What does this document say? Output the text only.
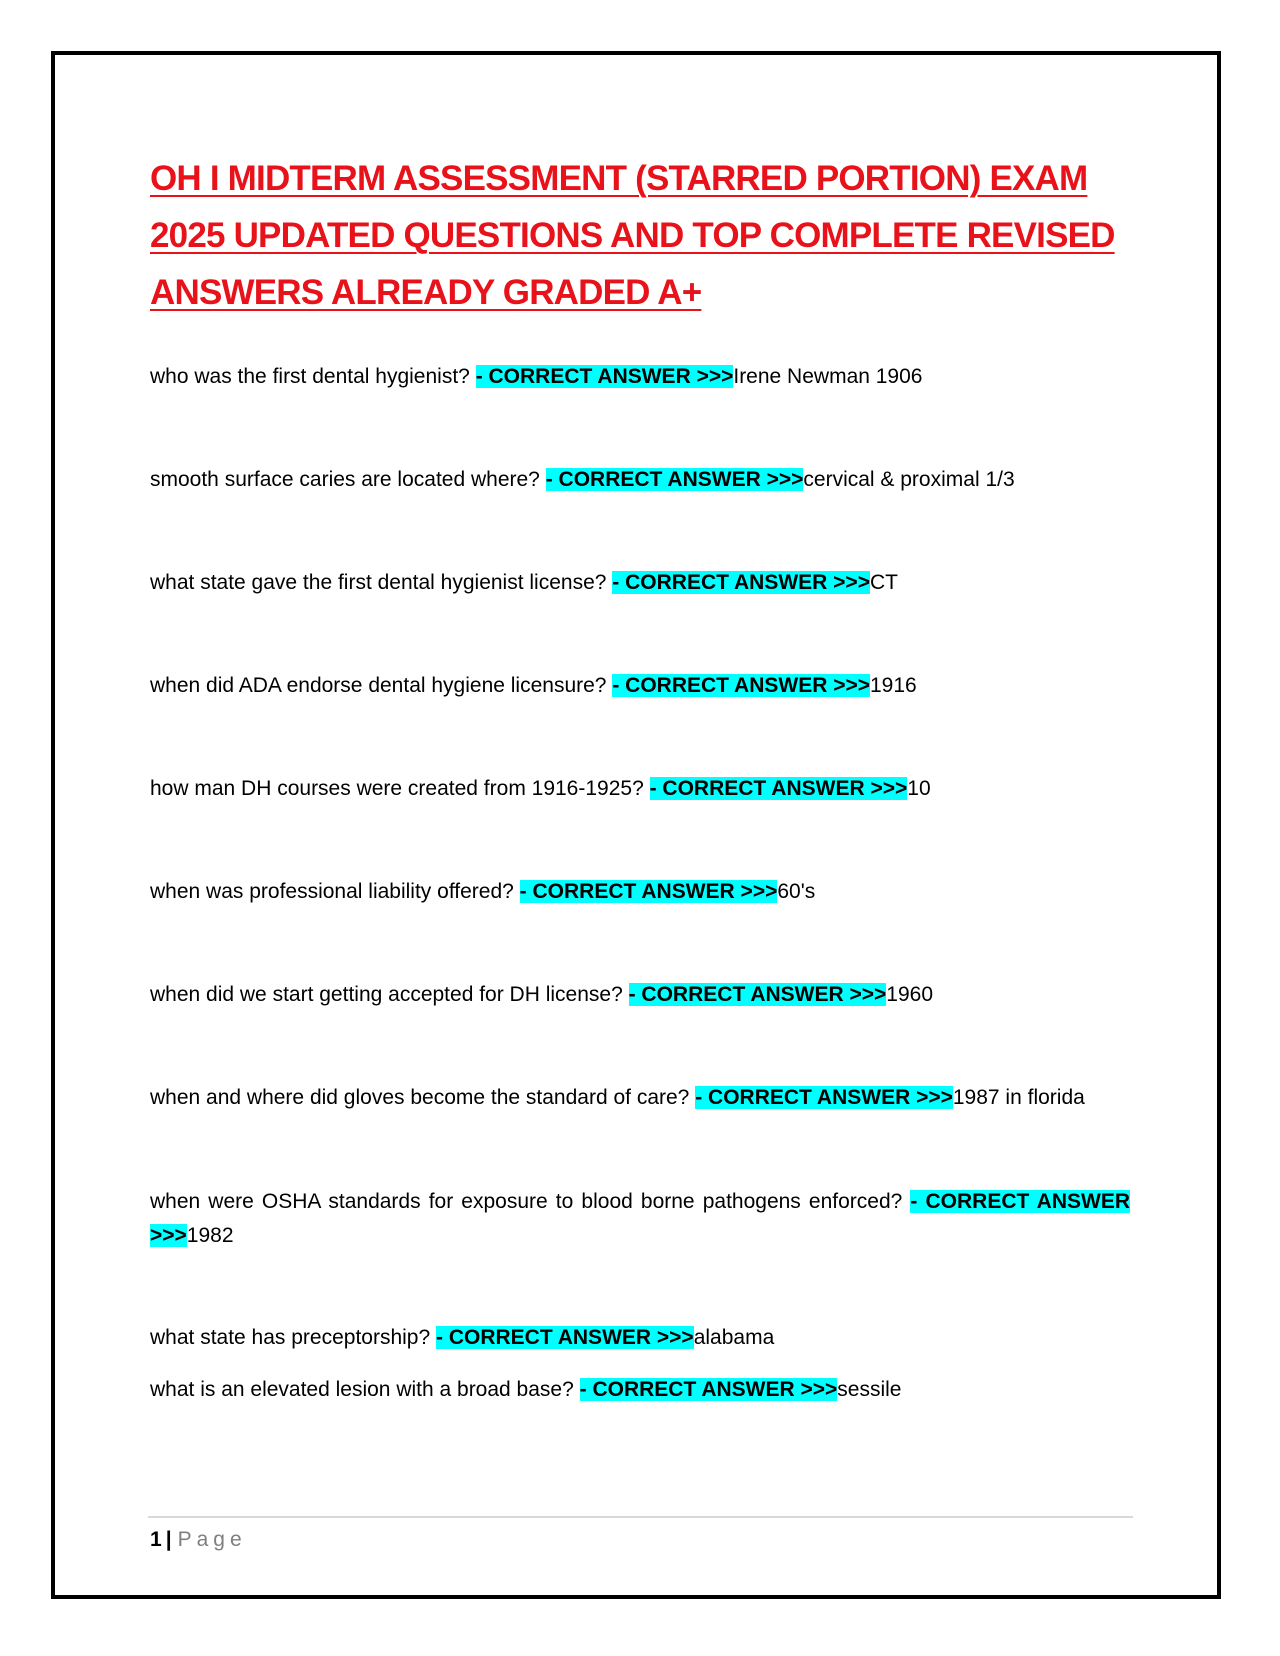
OH I MIDTERM ASSESSMENT (STARRED PORTION) EXAM 2025 UPDATED QUESTIONS AND TOP COMPLETE REVISED ANSWERS ALREADY GRADED A+

who was the first dental hygienist? - CORRECT ANSWER >>>Irene Newman 1906

smooth surface caries are located where? - CORRECT ANSWER >>>cervical & proximal 1/3

what state gave the first dental hygienist license? - CORRECT ANSWER >>>CT

when did ADA endorse dental hygiene licensure? - CORRECT ANSWER >>>1916

how man DH courses were created from 1916-1925? - CORRECT ANSWER >>>10

when was professional liability offered? - CORRECT ANSWER >>>60's

when did we start getting accepted for DH license? - CORRECT ANSWER >>>1960

when and where did gloves become the standard of care? - CORRECT ANSWER >>>1987 in florida

when were OSHA standards for exposure to blood borne pathogens enforced? - CORRECT ANSWER >>>1982

what state has preceptorship? - CORRECT ANSWER >>>alabama

what is an elevated lesion with a broad base? - CORRECT ANSWER >>>sessile

1 | Page
